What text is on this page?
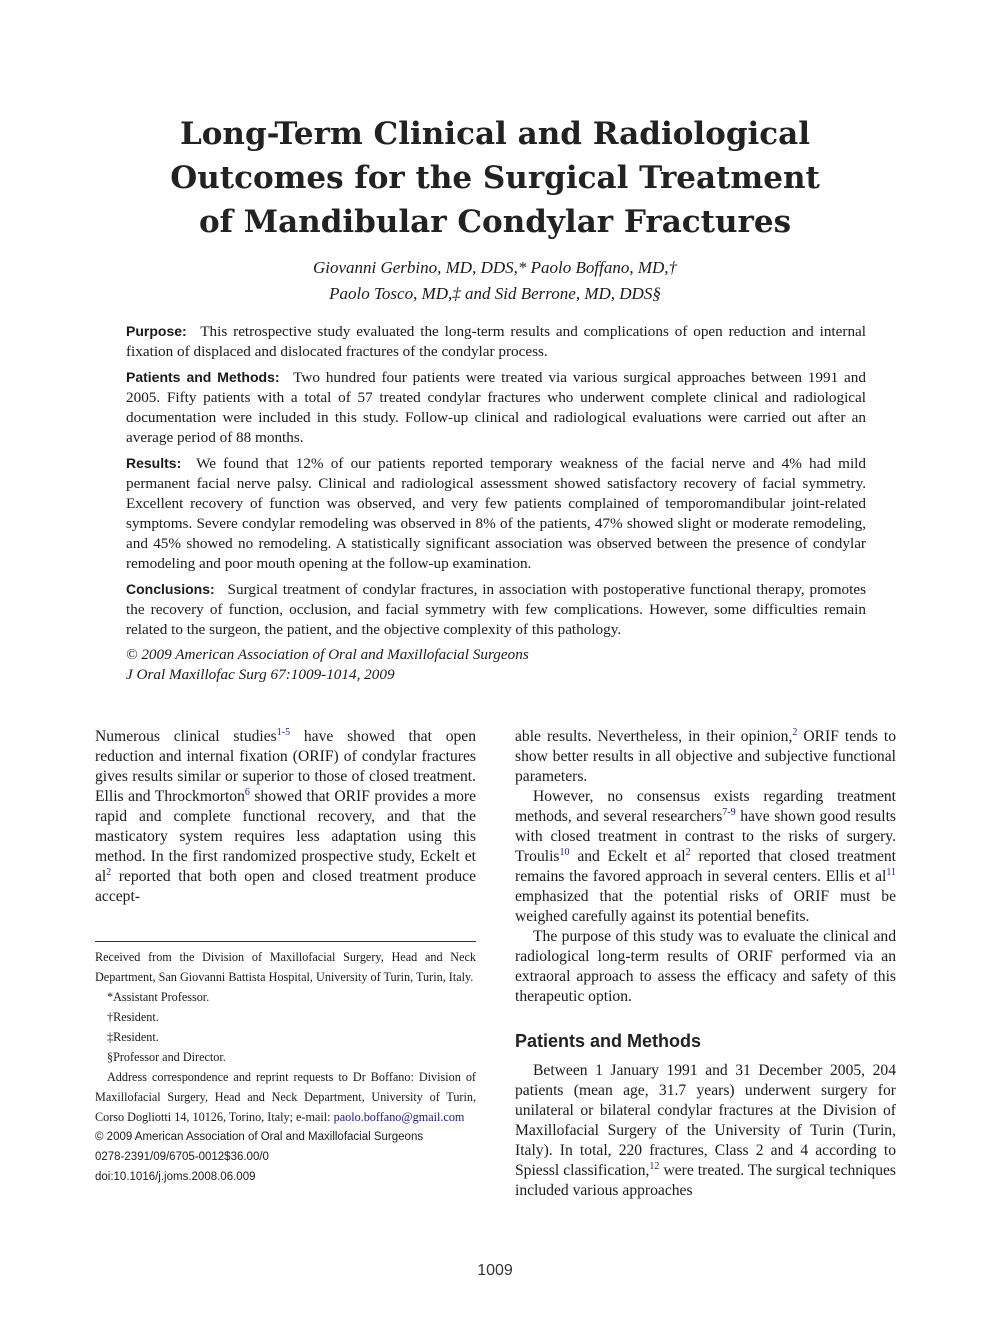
Long-Term Clinical and Radiological
Outcomes for the Surgical Treatment
of Mandibular Condylar Fractures
Giovanni Gerbino, MD, DDS,* Paolo Boffano, MD,†
Paolo Tosco, MD,‡ and Sid Berrone, MD, DDS§

Purpose: This retrospective study evaluated the long-term results and complications of open reduction and internal fixation of displaced and dislocated fractures of the condylar process.

Patients and Methods: Two hundred four patients were treated via various surgical approaches between 1991 and 2005. Fifty patients with a total of 57 treated condylar fractures who underwent complete clinical and radiological documentation were included in this study. Follow-up clinical and radiological evaluations were carried out after an average period of 88 months.

Results: We found that 12% of our patients reported temporary weakness of the facial nerve and 4% had mild permanent facial nerve palsy. Clinical and radiological assessment showed satisfactory recovery of facial symmetry. Excellent recovery of function was observed, and very few patients complained of temporomandibular joint-related symptoms. Severe condylar remodeling was observed in 8% of the patients, 47% showed slight or moderate remodeling, and 45% showed no remodeling. A statistically significant association was observed between the presence of condylar remodeling and poor mouth opening at the follow-up examination.

Conclusions: Surgical treatment of condylar fractures, in association with postoperative functional therapy, promotes the recovery of function, occlusion, and facial symmetry with few complications. However, some difficulties remain related to the surgeon, the patient, and the objective complexity of this pathology.

© 2009 American Association of Oral and Maxillofacial Surgeons
J Oral Maxillofac Surg 67:1009-1014, 2009

Numerous clinical studies$^{1-5}$ have showed that open reduction and internal fixation (ORIF) of condylar fractures gives results similar or superior to those of closed treatment. Ellis and Throckmorton$^6$ showed that ORIF provides a more rapid and complete functional recovery, and that the masticatory system requires less adaptation using this method. In the first randomized prospective study, Eckelt et $al^2$ reported that both open and closed treatment produce accept-

Received from the Division of Maxillofacial Surgery, Head and Neck Department, San Giovanni Battista Hospital, University of Turin, Turin, Italy.

*Assistant Professor.

†Resident.

‡Resident.

§Professor and Director.

Address correspondence and reprint requests to Dr Boffano: Division of Maxillofacial Surgery, Head and Neck Department, University of Turin, Corso Dogliotti 14, 10126, Torino, Italy; e-mail: paolo.boffano@gmail.com

© 2009 American Association of Oral and Maxillofacial Surgeons

0278-2391/09/6705-0012$36.00/0

doi:10.1016/j.joms.2008.06.009

able results. Nevertheless, in their opinion,$^2$ ORIF tends to show better results in all objective and subjective functional parameters.

However, no consensus exists regarding treatment methods, and several researchers$^{7-9}$ have shown good results with closed treatment in contrast to the risks of surgery. Troulis$^{10}$ and Eckelt et $al^2$ reported that closed treatment remains the favored approach in several centers. Ellis et $al^{11}$ emphasized that the potential risks of ORIF must be weighed carefully against its potential benefits.

The purpose of this study was to evaluate the clinical and radiological long-term results of ORIF performed via an extraoral approach to assess the efficacy and safety of this therapeutic option.

Patients and Methods

Between 1 January 1991 and 31 December 2005, 204 patients (mean age, 31.7 years) underwent surgery for unilateral or bilateral condylar fractures at the Division of Maxillofacial Surgery of the University of Turin (Turin, Italy). In total, 220 fractures, Class 2 and 4 according to Spiessl classification,$^{12}$ were treated. The surgical techniques included various approaches

1009
